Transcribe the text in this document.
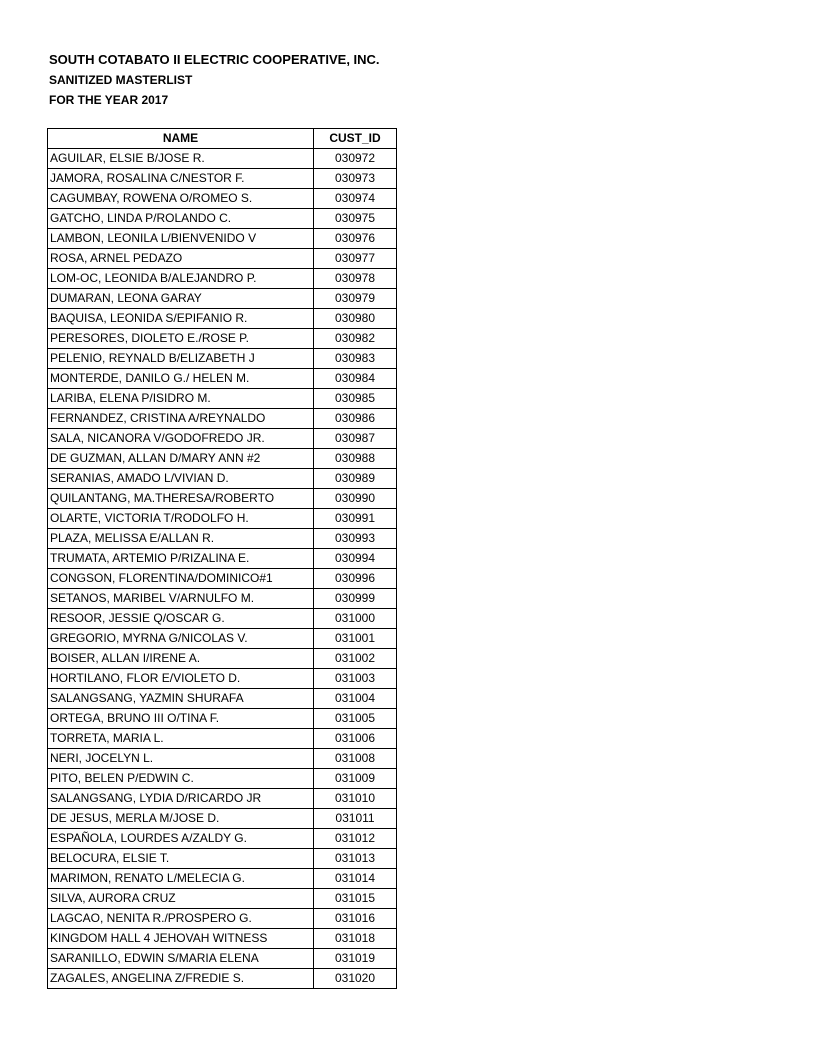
SOUTH COTABATO II ELECTRIC COOPERATIVE, INC.
SANITIZED MASTERLIST
FOR THE YEAR 2017
NAME	CUST_ID
AGUILAR, ELSIE B/JOSE R.	030972
JAMORA, ROSALINA C/NESTOR F.	030973
CAGUMBAY, ROWENA O/ROMEO S.	030974
GATCHO, LINDA P/ROLANDO C.	030975
LAMBON, LEONILA L/BIENVENIDO V	030976
ROSA, ARNEL PEDAZO	030977
LOM-OC, LEONIDA B/ALEJANDRO P.	030978
DUMARAN, LEONA GARAY	030979
BAQUISA, LEONIDA S/EPIFANIO R.	030980
PERESORES, DIOLETO E./ROSE P.	030982
PELENIO, REYNALD B/ELIZABETH J	030983
MONTERDE, DANILO G./ HELEN M.	030984
LARIBA, ELENA P/ISIDRO M.	030985
FERNANDEZ, CRISTINA A/REYNALDO	030986
SALA, NICANORA V/GODOFREDO JR.	030987
DE GUZMAN, ALLAN D/MARY ANN #2	030988
SERANIAS, AMADO L/VIVIAN D.	030989
QUILANTANG, MA.THERESA/ROBERTO	030990
OLARTE, VICTORIA T/RODOLFO H.	030991
PLAZA, MELISSA E/ALLAN R.	030993
TRUMATA, ARTEMIO P/RIZALINA E.	030994
CONGSON, FLORENTINA/DOMINICO#1	030996
SETANOS, MARIBEL V/ARNULFO M.	030999
RESOOR, JESSIE Q/OSCAR G.	031000
GREGORIO, MYRNA G/NICOLAS V.	031001
BOISER, ALLAN I/IRENE A.	031002
HORTILANO, FLOR E/VIOLETO D.	031003
SALANGSANG, YAZMIN SHURAFA	031004
ORTEGA, BRUNO III O/TINA F.	031005
TORRETA, MARIA L.	031006
NERI, JOCELYN L.	031008
PITO, BELEN P/EDWIN C.	031009
SALANGSANG, LYDIA D/RICARDO JR	031010
DE JESUS, MERLA M/JOSE D.	031011
ESPAÑOLA, LOURDES A/ZALDY G.	031012
BELOCURA, ELSIE T.	031013
MARIMON, RENATO L/MELECIA G.	031014
SILVA, AURORA CRUZ	031015
LAGCAO, NENITA R./PROSPERO G.	031016
KINGDOM HALL 4 JEHOVAH WITNESS	031018
SARANILLO, EDWIN S/MARIA ELENA	031019
ZAGALES, ANGELINA Z/FREDIE S.	031020
